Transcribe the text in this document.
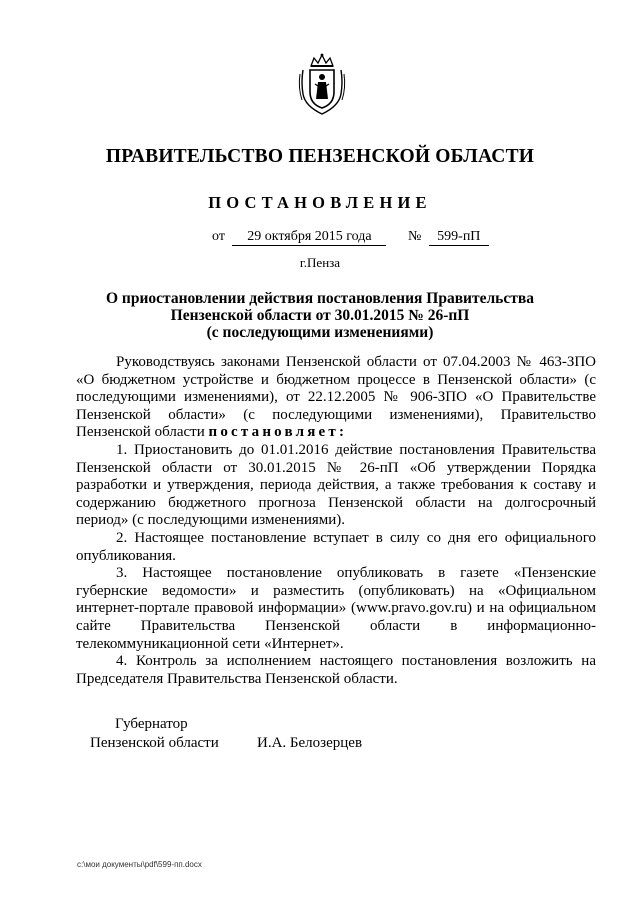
ПРАВИТЕЛЬСТВО ПЕНЗЕНСКОЙ ОБЛАСТИ
ПОСТАНОВЛЕНИЕ
от 29 октября 2015 года	№ 599-пП
г.Пенза
О приостановлении действия постановления Правительства
Пензенской области от 30.01.2015 № 26-пП
(с последующими изменениями)

Руководствуясь законами Пензенской области от 07.04.2003 № 463-ЗПО «О бюджетном устройстве и бюджетном процессе в Пензенской области» (с последующими изменениями), от 22.12.2005 № 906-ЗПО «О Правительстве Пензенской области» (с последующими изменениями), Правительство Пензенской области постановляет:

1. Приостановить до 01.01.2016 действие постановления Правительства Пензенской области от 30.01.2015 № 26-пП «Об утверждении Порядка разработки и утверждения, периода действия, а также требования к составу и содержанию бюджетного прогноза Пензенской области на долгосрочный период» (с последующими изменениями).

2. Настоящее постановление вступает в силу со дня его официального опубликования.

3. Настоящее постановление опубликовать в газете «Пензенские губернские ведомости» и разместить (опубликовать) на «Официальном интернет-портале правовой информации» (www.pravo.gov.ru) и на официальном сайте Правительства Пензенской области в информационно-телекоммуникационной сети «Интернет».

4. Контроль за исполнением настоящего постановления возложить на Председателя Правительства Пензенской области.

Губернатор
Пензенской области	И.А. Белозерцев
c:\мои документы\pdf\599-пп.docx
